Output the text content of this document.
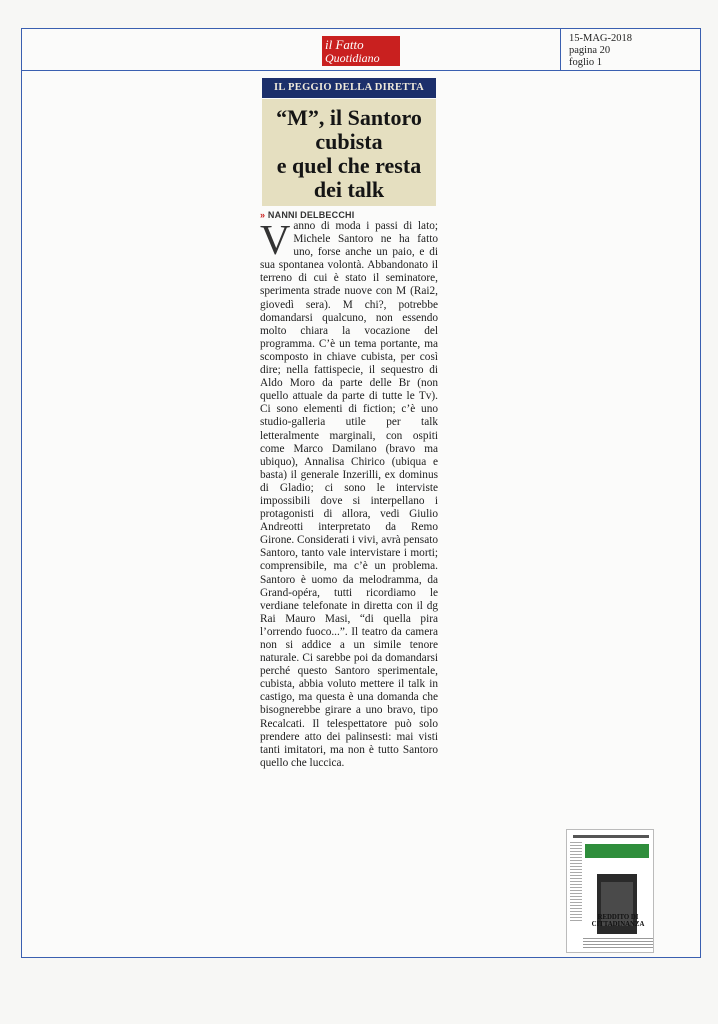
il Fatto
Quotidiano
15-MAG-2018
pagina 20
foglio 1
IL PEGGIO DELLA DIRETTA
“M”, il Santoro
cubista
e quel che resta
dei talk
» NANNI DELBECCHI
V anno di moda i passi di lato; Michele Santoro ne ha fatto uno, forse anche un paio, e di sua spontanea volontà. Abbandonato il terreno di cui è stato il seminatore, sperimenta strade nuove con M (Rai2, giovedì sera). M chi?, potrebbe domandarsi qualcuno, non essendo molto chiara la vocazione del programma. C’è un tema portante, ma scomposto in chiave cubista, per così dire; nella fattispecie, il sequestro di Aldo Moro da parte delle Br (non quello attuale da parte di tutte le Tv). Ci sono elementi di fiction; c’è uno studio-galleria utile per talk letteralmente marginali, con ospiti come Marco Damilano (bravo ma ubiquo), Annalisa Chirico (ubiqua e basta) il generale Inzerilli, ex dominus di Gladio; ci sono le interviste impossibili dove si interpellano i protagonisti di allora, vedi Giulio Andreotti interpretato da Remo Girone. Considerati i vivi, avrà pensato Santoro, tanto vale intervistare i morti; comprensibile, ma c’è un problema. Santoro è uomo da melodramma, da Grand-opéra, tutti ricordiamo le verdiane telefonate in diretta con il dg Rai Mauro Masi, “di quella pira l’orrendo fuoco...”. Il teatro da camera non si addice a un simile tenore naturale. Ci sarebbe poi da domandarsi perché questo Santoro sperimentale, cubista, abbia voluto mettere il talk in castigo, ma questa è una domanda che bisognerebbe girare a uno bravo, tipo Recalcati. Il telespettatore può solo prendere atto dei palinsesti: mai visti tanti imitatori, ma non è tutto Santoro quello che luccica.

REDDITO DI CITTADINANZA
